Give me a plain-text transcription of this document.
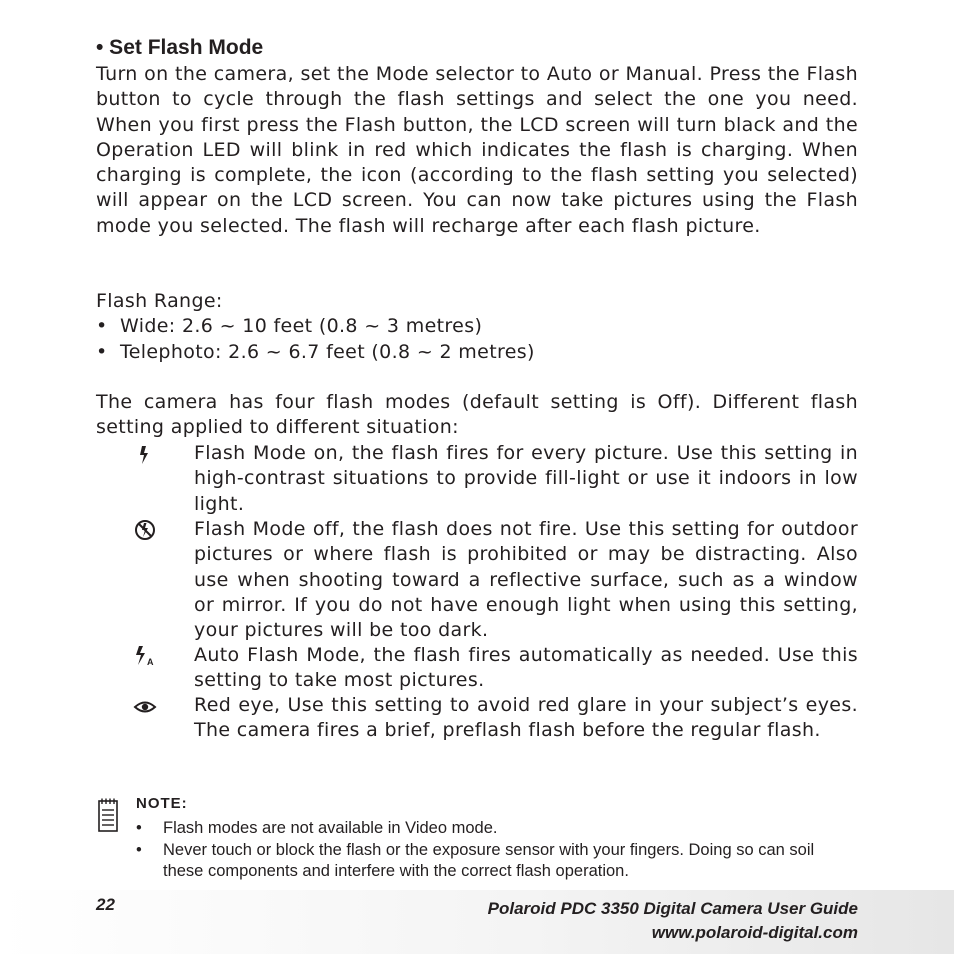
• Set Flash Mode
Turn on the camera, set the Mode selector to Auto or Manual. Press the Flash button to cycle through the flash settings and select the one you need. When you first press the Flash button, the LCD screen will turn black and the Operation LED will blink in red which indicates the flash is charging. When charging is complete, the icon (according to the flash setting you selected) will appear on the LCD screen. You can now take pictures using the Flash mode you selected. The flash will recharge after each flash picture.
Flash Range:
• Wide: 2.6 ~ 10 feet (0.8 ~ 3 metres)
• Telephoto: 2.6 ~ 6.7 feet (0.8 ~ 2 metres)
The camera has four flash modes (default setting is Off). Different flash setting applied to different situation:
Flash Mode on, the flash fires for every picture. Use this setting in high-contrast situations to provide fill-light or use it indoors in low light.
Flash Mode off, the flash does not fire. Use this setting for outdoor pictures or where flash is prohibited or may be distracting. Also use when shooting toward a reflective surface, such as a window or mirror. If you do not have enough light when using this setting, your pictures will be too dark.
A Auto Flash Mode, the flash fires automatically as needed. Use this setting to take most pictures.
Red eye, Use this setting to avoid red glare in your subject’s eyes. The camera fires a brief, preflash flash before the regular flash.
NOTE:
• Flash modes are not available in Video mode.
• Never touch or block the flash or the exposure sensor with your fingers. Doing so can soil these components and interfere with the correct flash operation.
22	Polaroid PDC 3350 Digital Camera User Guide
www.polaroid-digital.com
